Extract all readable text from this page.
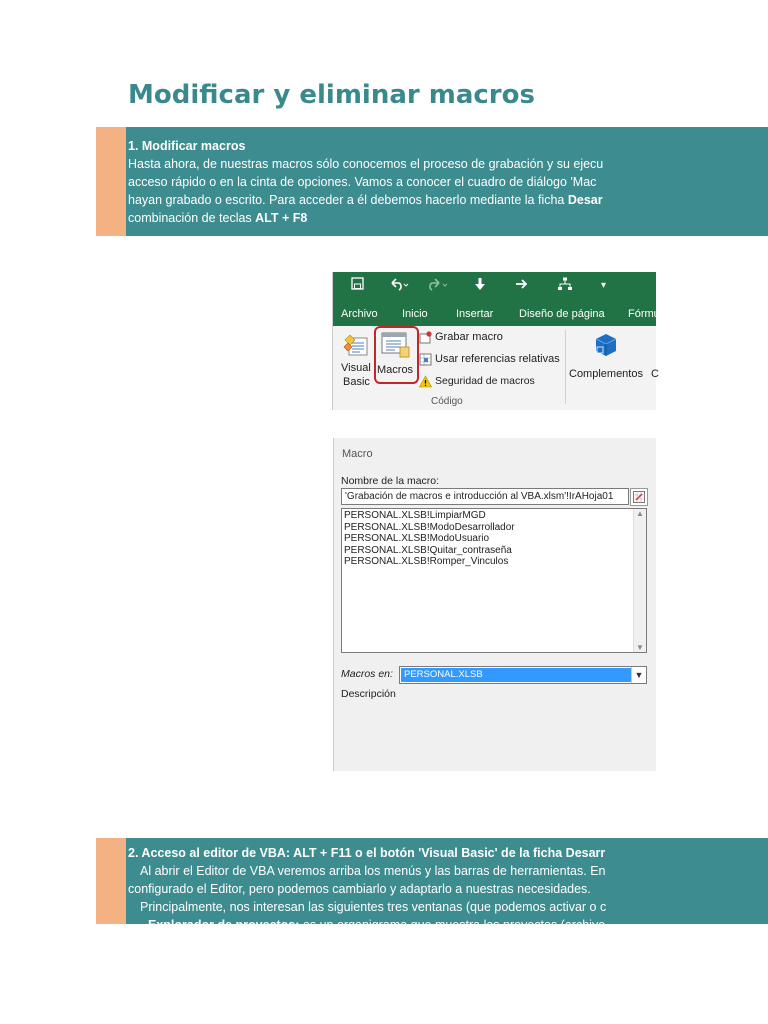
Modificar y eliminar macros
1. Modificar macros
Hasta ahora, de nuestras macros sólo conocemos el proceso de grabación y su ejecu
acceso rápido o en la cinta de opciones. Vamos a conocer el cuadro de diálogo 'Mac
hayan grabado o escrito. Para acceder a él debemos hacerlo mediante la ficha Desar
combinación de teclas ALT + F8
▾
Archivo Inicio	Insertar Diseño de página Fórmu
Visual
Basic
Macros
Grabar macro
Usar referencias relativas
Seguridad de macros
Código
Complementos C
Macro
Nombre de la macro:
'Grabación de macros e introducción al VBA.xlsm'!IrAHoja01
PERSONAL.XLSB!LimpiarMGD
PERSONAL.XLSB!ModoDesarrollador
PERSONAL.XLSB!ModoUsuario
PERSONAL.XLSB!Quitar_contraseña
PERSONAL.XLSB!Romper_Vinculos
▲
▼
Macros en:	PERSONAL.XLSB	▼
Descripción
2. Acceso al editor de VBA: ALT + F11 o el botón 'Visual Basic' de la ficha Desarr
Al abrir el Editor de VBA veremos arriba los menús y las barras de herramientas. En
configurado el Editor, pero podemos cambiarlo y adaptarlo a nuestras necesidades.
Principalmente, nos interesan las siguientes tres ventanas (que podemos activar o c
Explorador de proyectos: es un organigrama que muestra los proyectos (archivo
